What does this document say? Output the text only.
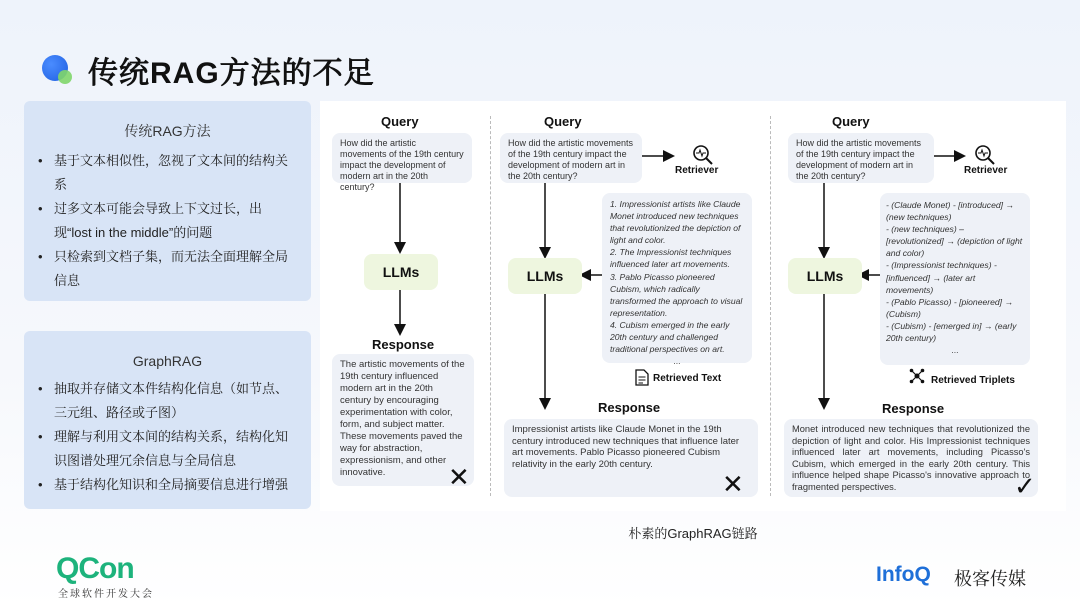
传统RAG方法的不足
传统RAG方法
• 基于文本相似性，忽视了文本间的结构关系
• 过多文本可能会导致上下文过长，出现“lost in the middle”的问题
• 只检索到文档子集，而无法全面理解全局信息
GraphRAG
• 抽取并存储文本件结构化信息（如节点、三元组、路径或子图）
• 理解与利用文本间的结构关系，结构化知识图谱处理冗余信息与全局信息
• 基于结构化知识和全局摘要信息进行增强
Query
How did the artistic movements of the 19th century impact the development of modern art in the 20th century?
LLMs
Response
The artistic movements of the 19th century influenced modern art in the 20th century by encouraging experimentation with color, form, and subject matter. These movements paved the way for abstraction, expressionism, and other innovative.	✕
Query
How did the artistic movements of the 19th century impact the development of modern art in the 20th century?	Retriever
LLMs
1. Impressionist artists like Claude Monet introduced new techniques that revolutionized the depiction of light and color.
2. The Impressionist techniques influenced later art movements.
3. Pablo Picasso pioneered Cubism, which radically transformed the approach to visual representation.
4. Cubism emerged in the early 20th century and challenged traditional perspectives on art.
...
Retrieved Text
Response
Impressionist artists like Claude Monet in the 19th century introduced new techniques that influence later art movements. Pablo Picasso pioneered Cubism relativity in the early 20th century.
✕
Query
How did the artistic movements of the 19th century impact the development of modern art in the 20th century?	Retriever
LLMs
- (Claude Monet) - [introduced] → (new techniques)
- (new techniques) – [revolutionized] → (depiction of light and color)
- (Impressionist techniques) - [influenced] → (later art movements)
- (Pablo Picasso) - [pioneered] → (Cubism)
- (Cubism) - [emerged in] → (early 20th century)
...
Retrieved Triplets
Response
Monet introduced new techniques that revolutionized the depiction of light and color. His Impressionist techniques influenced later art movements, including Picasso's Cubism, which emerged in the early 20th century. This influence helped shape Picasso's innovative approach to fragmented perspectives.	✓
朴素的GraphRAG链路
QCon
全球软件开发大会
InfoQ 极客传媒
